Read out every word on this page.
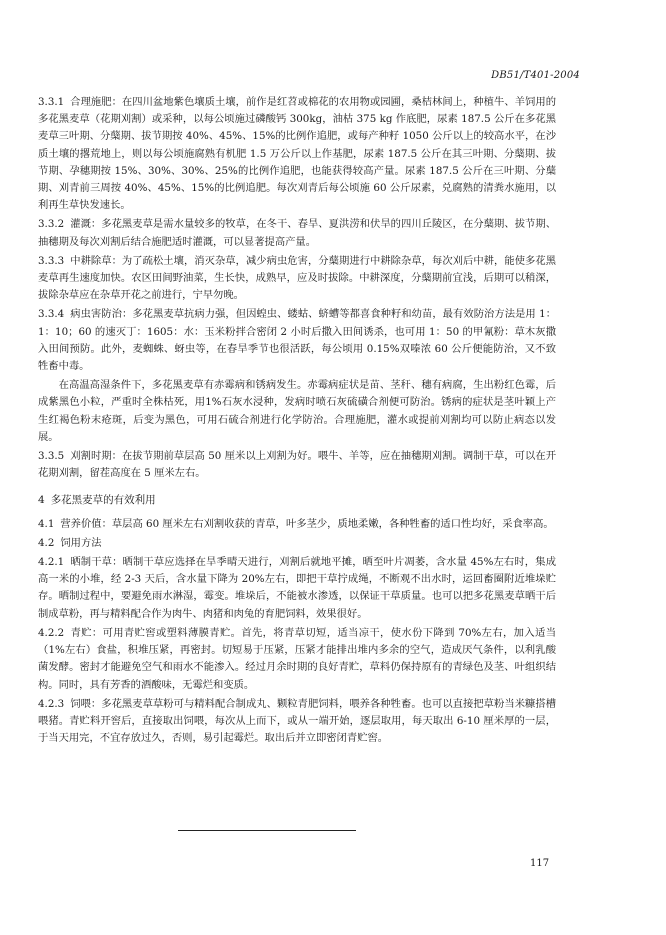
DB51/T401-2004

3.3.1 合理施肥：在四川盆地紫色壤质土壤，前作是红苕或棉花的农用物或园圃，桑桔林间上，种植牛、羊饲用的多花黑麦草（花期刈割）或采种，以每公顷施过磷酸钙 300kg，油枯 375 kg 作底肥，尿素 187.5 公斤在多花黑麦草三叶期、分蘖期、拔节期按 40%、45%、15%的比例作追肥，或每产种籽 1050 公斤以上的较高水平，在沙质土壤的撂荒地上，则以每公顷施腐熟有机肥 1.5 万公斤以上作基肥，尿素 187.5 公斤在其三叶期、分蘖期、拔节期、孕穗期按 15%、30%、30%、25%的比例作追肥，也能获得较高产量。尿素 187.5 公斤在三叶期、分蘖期、刈青前三周按 40%、45%、15%的比例追肥。每次刈青后每公顷施 60 公斤尿素，兑腐熟的清粪水施用，以利再生草快发速长。

3.3.2 灌溉：多花黑麦草是需水量较多的牧草，在冬干、春旱、夏洪涝和伏旱的四川丘陵区，在分蘖期、拔节期、抽穗期及每次刈割后结合施肥适时灌溉，可以显著提高产量。

3.3.3 中耕除草：为了疏松土壤，消灭杂草，减少病虫危害，分蘖期进行中耕除杂草，每次刈后中耕，能使多花黑麦草再生速度加快。农区田间野油菜，生长快，成熟早，应及时拔除。中耕深度，分蘖期前宜浅，后期可以稍深，拔除杂草应在杂草开花之前进行，宁早勿晚。

3.3.4 病虫害防治：多花黑麦草抗病力强，但因蝗虫、蝼蛄、蛴螬等都喜食种籽和幼苗，最有效防治方法是用 1：1：10；60 的速灭丁：1605：水：玉米粉拌合密闭 2 小时后撒入田间诱杀，也可用 1：50 的甲氰粉：草木灰撒入田间预防。此外，麦蜘蛛、蚜虫等，在春旱季节也很活跃，每公顷用 0.15%双嗪浓 60 公斤便能防治，又不致牲畜中毒。

在高温高湿条件下，多花黑麦草有赤霉病和锈病发生。赤霉病症状是苗、茎秆、穗有病腐，生出粉红色霉，后成紫黑色小粒，严重时全株枯死，用1%石灰水浸种，发病时喷石灰硫磺合剂便可防治。锈病的症状是茎叶颖上产生红褐色粉末疮斑，后变为黑色，可用石硫合剂进行化学防治。合理施肥，灌水或提前刈割均可以防止病态以发展。

3.3.5 刈割时期：在拔节期前草层高 50 厘米以上刈割为好。喂牛、羊等，应在抽穗期刈割。调制干草，可以在开花期刈割，留茬高度在 5 厘米左右。

4 多花黑麦草的有效利用

4.1 营养价值：草层高 60 厘米左右刈割收获的青草，叶多茎少，质地柔嫩，各种牲畜的适口性均好，采食率高。

4.2 饲用方法

4.2.1 晒制干草：晒制干草应选择在旱季晴天进行，刈割后就地平摊，晒至叶片凋萎，含水量 45%左右时，集成高一米的小堆，经 2-3 天后，含水量下降为 20%左右，即把干草拧成绳，不断观不出水时，运回畜圈附近堆垛贮存。晒制过程中，要避免雨水淋湿，霉变。堆垛后，不能被水渗透，以保证干草质量。也可以把多花黑麦草晒干后制成草粉，再与精料配合作为肉牛、肉猪和肉兔的育肥饲料，效果很好。

4.2.2 青贮：可用青贮窖或塑料薄膜青贮。首先，将青草切短，适当凉干，使水份下降到 70%左右，加入适当（1%左右）食盐，积堆压紧，再密封。切短易于压紧，压紧才能排出堆内多余的空气，造成厌气条件，以利乳酸菌发酵。密封才能避免空气和雨水不能渗入。经过月余时期的良好青贮，草料仍保持原有的青绿色及茎、叶组织结构。同时，具有芳香的酒酸味，无霉烂和变质。

4.2.3 饲喂：多花黑麦草草粉可与精料配合制成丸、颗粒青肥饲料，喂养各种牲畜。也可以直接把草粉当米糠搭槽喂猪。青贮料开窖后，直接取出饲喂，每次从上而下，或从一端开始，逐层取用，每天取出 6-10 厘米厚的一层，于当天用完，不宜存放过久，否则，易引起霉烂。取出后并立即密闭青贮窖。

117
